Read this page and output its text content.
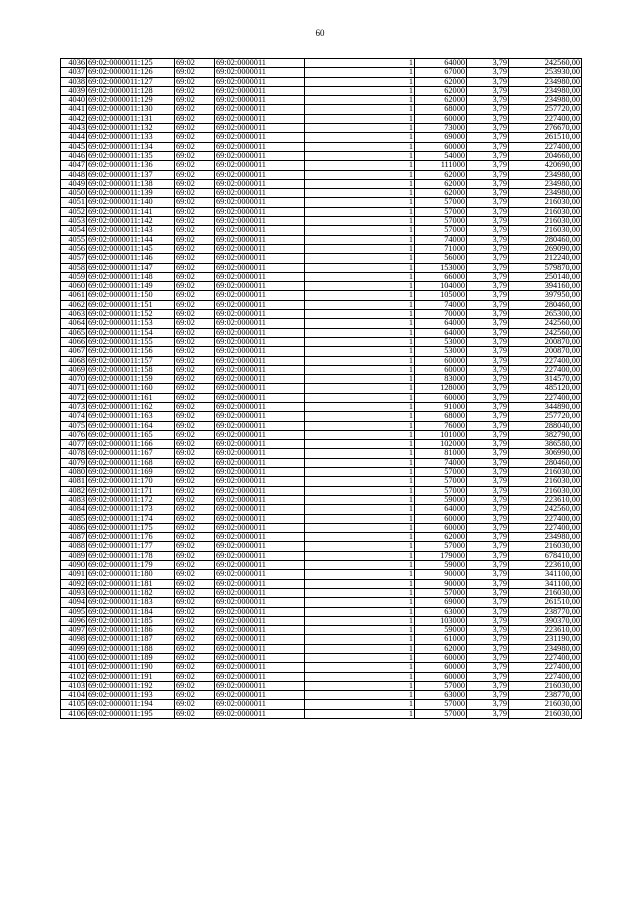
60
4036	69:02:0000011:125	69:02	69:02:0000011	1	64000	3,79	242560,00
4037	69:02:0000011:126	69:02	69:02:0000011	1	67000	3,79	253930,00
4038	69:02:0000011:127	69:02	69:02:0000011	1	62000	3,79	234980,00
4039	69:02:0000011:128	69:02	69:02:0000011	1	62000	3,79	234980,00
4040	69:02:0000011:129	69:02	69:02:0000011	1	62000	3,79	234980,00
4041	69:02:0000011:130	69:02	69:02:0000011	1	68000	3,79	257720,00
4042	69:02:0000011:131	69:02	69:02:0000011	1	60000	3,79	227400,00
4043	69:02:0000011:132	69:02	69:02:0000011	1	73000	3,79	276670,00
4044	69:02:0000011:133	69:02	69:02:0000011	1	69000	3,79	261510,00
4045	69:02:0000011:134	69:02	69:02:0000011	1	60000	3,79	227400,00
4046	69:02:0000011:135	69:02	69:02:0000011	1	54000	3,79	204660,00
4047	69:02:0000011:136	69:02	69:02:0000011	1	111000	3,79	420690,00
4048	69:02:0000011:137	69:02	69:02:0000011	1	62000	3,79	234980,00
4049	69:02:0000011:138	69:02	69:02:0000011	1	62000	3,79	234980,00
4050	69:02:0000011:139	69:02	69:02:0000011	1	62000	3,79	234980,00
4051	69:02:0000011:140	69:02	69:02:0000011	1	57000	3,79	216030,00
4052	69:02:0000011:141	69:02	69:02:0000011	1	57000	3,79	216030,00
4053	69:02:0000011:142	69:02	69:02:0000011	1	57000	3,79	216030,00
4054	69:02:0000011:143	69:02	69:02:0000011	1	57000	3,79	216030,00
4055	69:02:0000011:144	69:02	69:02:0000011	1	74000	3,79	280460,00
4056	69:02:0000011:145	69:02	69:02:0000011	1	71000	3,79	269090,00
4057	69:02:0000011:146	69:02	69:02:0000011	1	56000	3,79	212240,00
4058	69:02:0000011:147	69:02	69:02:0000011	1	153000	3,79	579870,00
4059	69:02:0000011:148	69:02	69:02:0000011	1	66000	3,79	250140,00
4060	69:02:0000011:149	69:02	69:02:0000011	1	104000	3,79	394160,00
4061	69:02:0000011:150	69:02	69:02:0000011	1	105000	3,79	397950,00
4062	69:02:0000011:151	69:02	69:02:0000011	1	74000	3,79	280460,00
4063	69:02:0000011:152	69:02	69:02:0000011	1	70000	3,79	265300,00
4064	69:02:0000011:153	69:02	69:02:0000011	1	64000	3,79	242560,00
4065	69:02:0000011:154	69:02	69:02:0000011	1	64000	3,79	242560,00
4066	69:02:0000011:155	69:02	69:02:0000011	1	53000	3,79	200870,00
4067	69:02:0000011:156	69:02	69:02:0000011	1	53000	3,79	200870,00
4068	69:02:0000011:157	69:02	69:02:0000011	1	60000	3,79	227400,00
4069	69:02:0000011:158	69:02	69:02:0000011	1	60000	3,79	227400,00
4070	69:02:0000011:159	69:02	69:02:0000011	1	83000	3,79	314570,00
4071	69:02:0000011:160	69:02	69:02:0000011	1	128000	3,79	485120,00
4072	69:02:0000011:161	69:02	69:02:0000011	1	60000	3,79	227400,00
4073	69:02:0000011:162	69:02	69:02:0000011	1	91000	3,79	344890,00
4074	69:02:0000011:163	69:02	69:02:0000011	1	68000	3,79	257720,00
4075	69:02:0000011:164	69:02	69:02:0000011	1	76000	3,79	288040,00
4076	69:02:0000011:165	69:02	69:02:0000011	1	101000	3,79	382790,00
4077	69:02:0000011:166	69:02	69:02:0000011	1	102000	3,79	386580,00
4078	69:02:0000011:167	69:02	69:02:0000011	1	81000	3,79	306990,00
4079	69:02:0000011:168	69:02	69:02:0000011	1	74000	3,79	280460,00
4080	69:02:0000011:169	69:02	69:02:0000011	1	57000	3,79	216030,00
4081	69:02:0000011:170	69:02	69:02:0000011	1	57000	3,79	216030,00
4082	69:02:0000011:171	69:02	69:02:0000011	1	57000	3,79	216030,00
4083	69:02:0000011:172	69:02	69:02:0000011	1	59000	3,79	223610,00
4084	69:02:0000011:173	69:02	69:02:0000011	1	64000	3,79	242560,00
4085	69:02:0000011:174	69:02	69:02:0000011	1	60000	3,79	227400,00
4086	69:02:0000011:175	69:02	69:02:0000011	1	60000	3,79	227400,00
4087	69:02:0000011:176	69:02	69:02:0000011	1	62000	3,79	234980,00
4088	69:02:0000011:177	69:02	69:02:0000011	1	57000	3,79	216030,00
4089	69:02:0000011:178	69:02	69:02:0000011	1	179000	3,79	678410,00
4090	69:02:0000011:179	69:02	69:02:0000011	1	59000	3,79	223610,00
4091	69:02:0000011:180	69:02	69:02:0000011	1	90000	3,79	341100,00
4092	69:02:0000011:181	69:02	69:02:0000011	1	90000	3,79	341100,00
4093	69:02:0000011:182	69:02	69:02:0000011	1	57000	3,79	216030,00
4094	69:02:0000011:183	69:02	69:02:0000011	1	69000	3,79	261510,00
4095	69:02:0000011:184	69:02	69:02:0000011	1	63000	3,79	238770,00
4096	69:02:0000011:185	69:02	69:02:0000011	1	103000	3,79	390370,00
4097	69:02:0000011:186	69:02	69:02:0000011	1	59000	3,79	223610,00
4098	69:02:0000011:187	69:02	69:02:0000011	1	61000	3,79	231190,00
4099	69:02:0000011:188	69:02	69:02:0000011	1	62000	3,79	234980,00
4100	69:02:0000011:189	69:02	69:02:0000011	1	60000	3,79	227400,00
4101	69:02:0000011:190	69:02	69:02:0000011	1	60000	3,79	227400,00
4102	69:02:0000011:191	69:02	69:02:0000011	1	60000	3,79	227400,00
4103	69:02:0000011:192	69:02	69:02:0000011	1	57000	3,79	216030,00
4104	69:02:0000011:193	69:02	69:02:0000011	1	63000	3,79	238770,00
4105	69:02:0000011:194	69:02	69:02:0000011	1	57000	3,79	216030,00
4106	69:02:0000011:195	69:02	69:02:0000011	1	57000	3,79	216030,00
